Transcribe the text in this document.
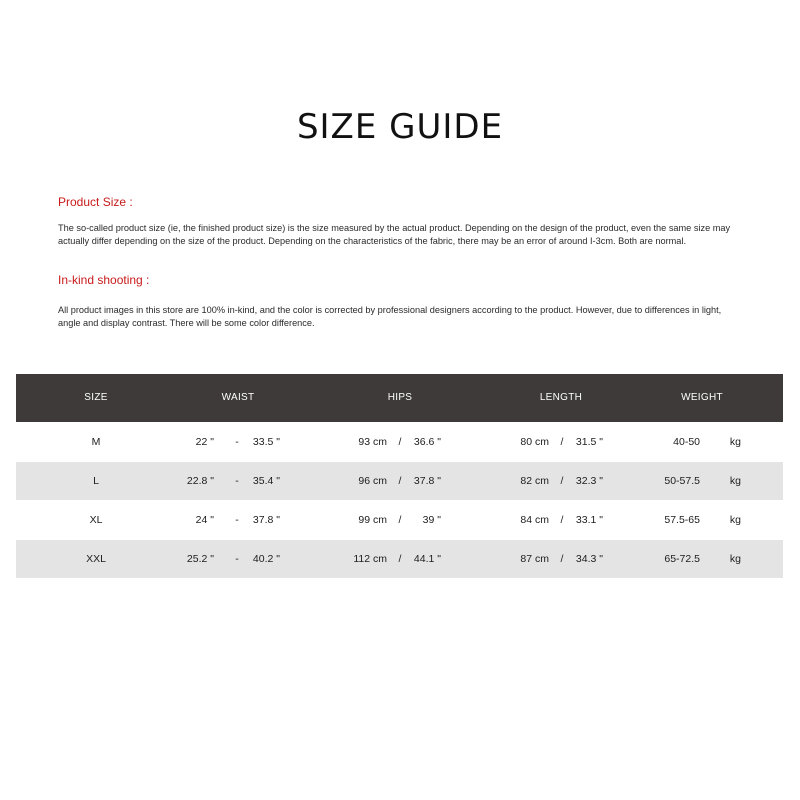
SIZE GUIDE

Product Size :

The so-called product size (ie, the finished product size) is the size measured by the actual product. Depending on the design of the product, even the same size may actually differ depending on the size of the product. Depending on the characteristics of the fabric, there may be an error of around I-3cm. Both are normal.

In-kind shooting :

All product images in this store are 100% in-kind, and the color is corrected by professional designers according to the product. However, due to differences in light, angle and display contrast. There will be some color difference.

SIZE	WAIST	HIPS	LENGTH	WEIGHT
M	22 " - 33.5 "	93 cm / 36.6 "	80 cm / 31.5 "	40-50	kg
L	22.8 " - 35.4 "	96 cm / 37.8 "	82 cm / 32.3 "	50-57.5	kg
XL	24 " - 37.8 "	99 cm / 39 "	84 cm / 33.1 "	57.5-65	kg
XXL	25.2 " - 40.2 "	112 cm / 44.1 "	87 cm / 34.3 "	65-72.5	kg
